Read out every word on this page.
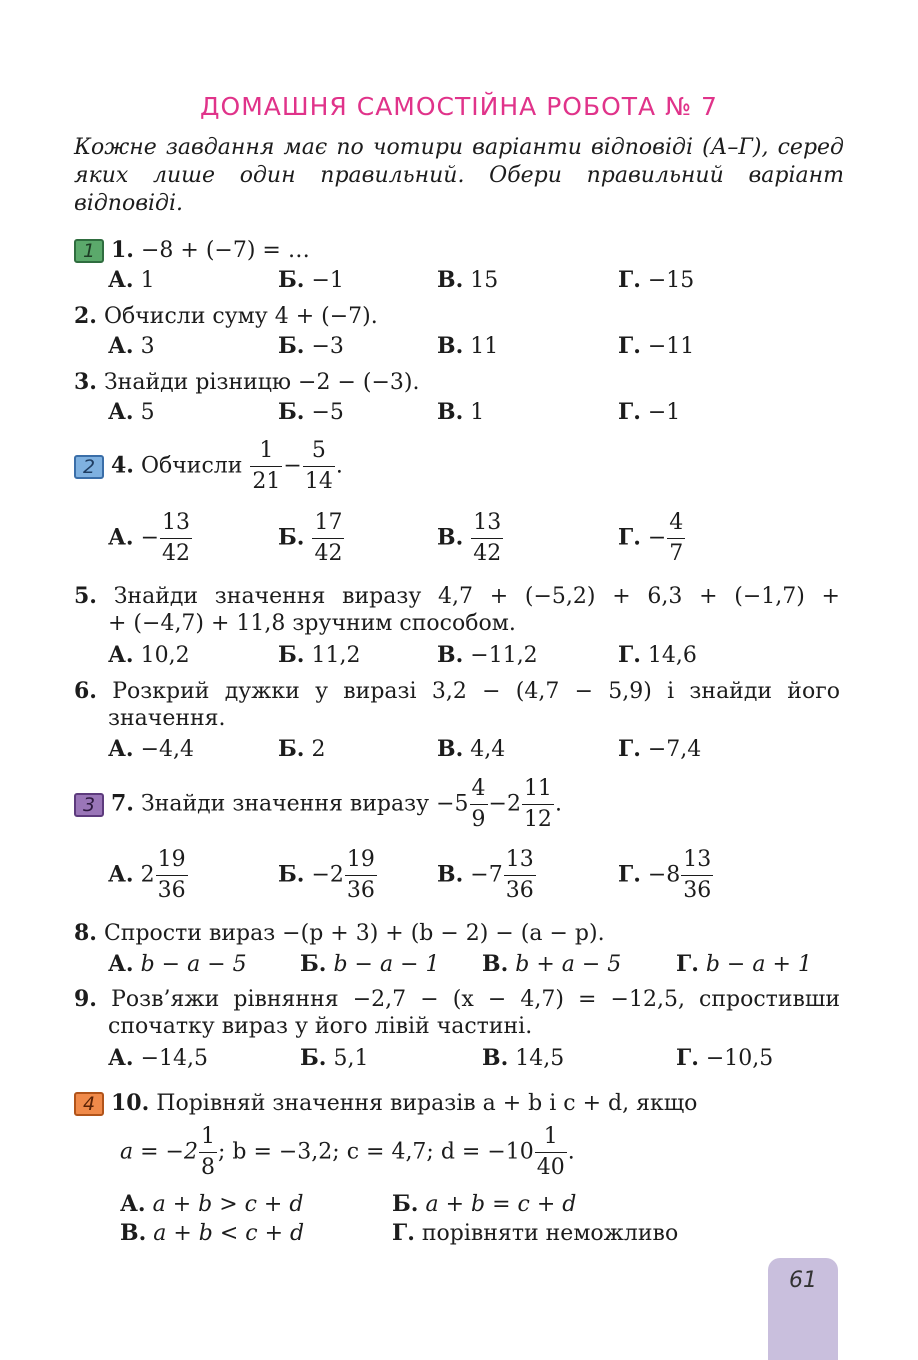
ДОМАШНЯ САМОСТІЙНА РОБОТА № 7
Кожне завдання має по чотири варіанти відповіді (А–Г), серед яких лише один правильний. Обери правильний варіант відповіді.
1 1. −8 + (−7) = …
А. 1	Б. −1	В. 15	Г. −15
2. Обчисли суму 4 + (−7).
А. 3	Б. −3	В. 11	Г. −11
3. Знайди різницю −2 − (−3).
А. 5	Б. −5	В. 1	Г. −1
2 4. Обчисли $\frac{1}{21} - \frac{5}{14}$ .
А. − $\frac{13}{42}$	Б. $\frac{17}{42}$	В. $\frac{13}{42}$	Г. − $\frac{4}{7}$
5. Знайди значення виразу 4,7 + (−5,2) + 6,3 + (−1,7) +
+ (−4,7) + 11,8 зручним способом.
А. 10,2	Б. 11,2	В. −11,2	Г. 14,6
6. Розкрий дужки у виразі 3,2 − (4,7 − 5,9) і знайди його
значення.
А. −4,4	Б. 2	В. 4,4	Г. −7,4
3 7. Знайди значення виразу $-5 \frac{4}{9} -2 \frac{11}{12}$ .
А. $2 \frac{19}{36}$	Б. $-2 \frac{19}{36}$	В. $-7 \frac{13}{36}$	Г. $-8 \frac{13}{36}$
8. Спрости вираз −(p + 3) + (b − 2) − (a − p).
А. b − a − 5 Б. b − a − 1 В. b + a − 5 Г. b − a + 1
9. Розв’яжи рівняння −2,7 − (x − 4,7) = −12,5, спростивши
спочатку вираз у його лівій частині.
А. −14,5	Б. 5,1	В. 14,5	Г. −10,5
4 10. Порівняй значення виразів a + b і c + d, якщо
$a = -2 \frac{1}{8}$ ; b = −3,2; c = 4,7; $d = -10 \frac{1}{40}$ .
А. a + b > c + d	Б. a + b = c + d
В. a + b < c + d	Г. порівняти неможливо
61
